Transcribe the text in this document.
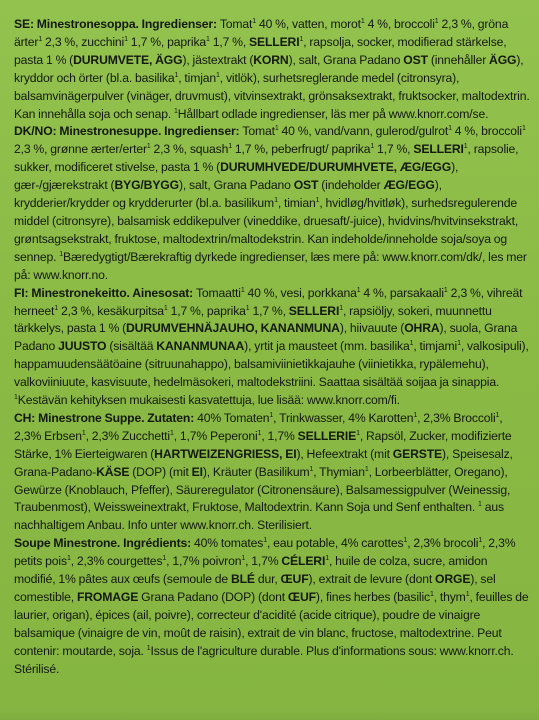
SE: Minestronesoppa. Ingredienser: Tomat$^1$ 40 %, vatten, morot$^1$ 4 %, broccoli$^1$ 2,3 %, gröna ärter$^1$ 2,3 %, zucchini$^1$ 1,7 %, paprika$^1$ 1,7 %, SELLERI$^1$, rapsolja, socker, modifierad stärkelse, pasta 1 % (DURUMVETE, ÄGG), jästextrakt (KORN), salt, Grana Padano OST (innehåller ÄGG), kryddor och örter (bl.a. basilika$^1$, timjan$^1$, vitlök), surhetsreglerande medel (citronsyra), balsamvinägerpulver (vinäger, druvmust), vitvinsextrakt, grönsaksextrakt, fruktsocker, maltodextrin. Kan innehålla soja och senap. $^1$Hållbart odlade ingredienser, läs mer på www.knorr.com/se.

DK/NO: Minestronesuppe. Ingredienser: Tomat$^1$ 40 %, vand/vann, gulerod/gulrot$^1$ 4 %, broccoli$^1$ 2,3 %, grønne ærter/erter$^1$ 2,3 %, squash$^1$ 1,7 %, peberfrugt/ paprika$^1$ 1,7 %, SELLERI$^1$, rapsolie, sukker, modificeret stivelse, pasta 1 % (DURUMHVEDE/DURUMHVETE, ÆG/EGG), gær-/gjærekstrakt (BYG/BYGG), salt, Grana Padano OST (indeholder ÆG/EGG), krydderier/krydder og krydderurter (bl.a. basilikum$^1$, timian$^1$, hvidløg/hvitløk), surhedsregulerende middel (citronsyre), balsamisk eddikepulver (vineddike, druesaft/-juice), hvidvins/hvitvinsekstrakt, grøntsagsekstrakt, fruktose, maltodextrin/maltodekstrin. Kan indeholde/inneholde soja/soya og sennep. $^1$Bæredygtigt/Bærekraftig dyrkede ingredienser, læs mere på: www.knorr.com/dk/, les mer på: www.knorr.no.

FI: Minestronekeitto. Ainesosat: Tomaatti$^1$ 40 %, vesi, porkkana$^1$ 4 %, parsakaali$^1$ 2,3 %, vihreät herneet$^1$ 2,3 %, kesäkurpitsa$^1$ 1,7 %, paprika$^1$ 1,7 %, SELLERI$^1$, rapsiöljy, sokeri, muunnettu tärkkelys, pasta 1 % (DURUMVEHNÄJAUHO, KANANMUNA), hiivauute (OHRA), suola, Grana Padano JUUSTO (sisältää KANANMUNAA), yrtit ja mausteet (mm. basilika$^1$, timjami$^1$, valkosipuli), happamuudensäätöaine (sitruunahappo), balsamiviinietikkajauhe (viinietikka, rypälemehu), valkoviiniuute, kasvisuute, hedelmäsokeri, maltodekstriini. Saattaa sisältää soijaa ja sinappia. $^1$Kestävän kehityksen mukaisesti kasvatettuja, lue lisää: www.knorr.com/fi.

CH: Minestrone Suppe. Zutaten: 40% Tomaten$^1$, Trinkwasser, 4% Karotten$^1$, 2,3% Broccoli$^1$, 2,3% Erbsen$^1$, 2,3% Zucchetti$^1$, 1,7% Peperoni$^1$, 1,7% SELLERIE$^1$, Rapsöl, Zucker, modifizierte Stärke, 1% Eierteigwaren (HARTWEIZENGRIESS, EI), Hefeextrakt (mit GERSTE), Speisesalz, Grana-Padano-KÄSE (DOP) (mit EI), Kräuter (Basilikum$^1$, Thymian$^1$, Lorbeerblätter, Oregano), Gewürze (Knoblauch, Pfeffer), Säureregulator (Citronensäure), Balsamessigpulver (Weinessig, Traubenmost), Weissweinextrakt, Fruktose, Maltodextrin. Kann Soja und Senf enthalten. $^1$ aus nachhaltigem Anbau. Info unter www.knorr.ch. Sterilisiert.

Soupe Minestrone. Ingrédients: 40% tomates$^1$, eau potable, 4% carottes$^1$, 2,3% brocoli$^1$, 2,3% petits pois$^1$, 2,3% courgettes$^1$, 1,7% poivron$^1$, 1,7% CÉLERI$^1$, huile de colza, sucre, amidon modifié, 1% pâtes aux œufs (semoule de BLÉ dur, ŒUF), extrait de levure (dont ORGE), sel comestible, FROMAGE Grana Padano (DOP) (dont ŒUF), fines herbes (basilic$^1$, thym$^1$, feuilles de laurier, origan), épices (ail, poivre), correcteur d'acidité (acide citrique), poudre de vinaigre balsamique (vinaigre de vin, moût de raisin), extrait de vin blanc, fructose, maltodextrine. Peut contenir: moutarde, soja. $^1$Issus de l'agriculture durable. Plus d'informations sous: www.knorr.ch. Stérilisé.
